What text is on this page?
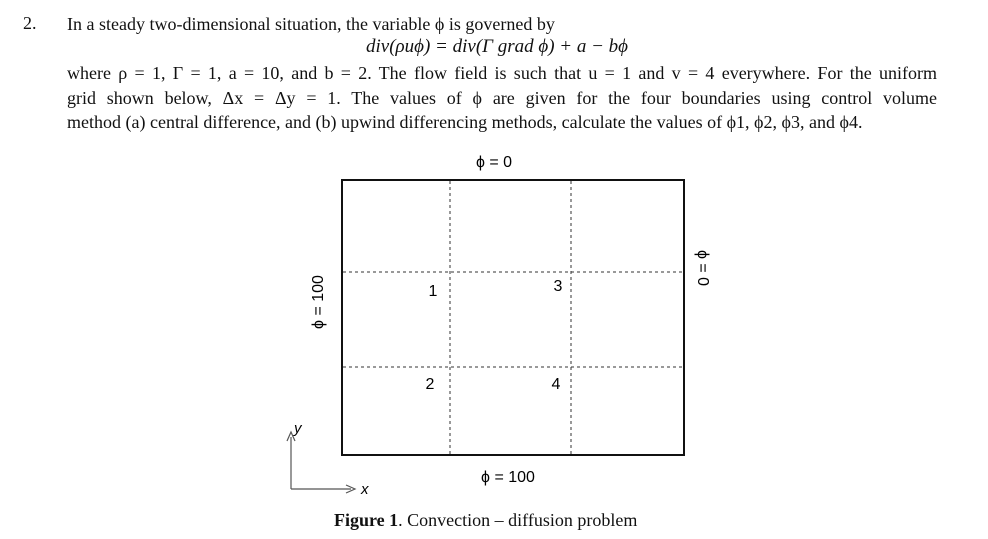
2. In a steady two-dimensional situation, the variable ϕ is governed by
div(ρuϕ) = div(Γ grad ϕ) + a − bϕ
where ρ = 1, Γ = 1, a = 10, and b = 2. The flow field is such that u = 1 and v = 4 everywhere. For the uniform
grid shown below, Δx = Δy = 1. The values of ϕ are given for the four boundaries using control volume
method (a) central difference, and (b) upwind differencing methods, calculate the values of ϕ1, ϕ2, ϕ3, and ϕ4.
ϕ = 0
ϕ = 100
ϕ = 100
ϕ = 0
1
2
3
4
x
y
Figure 1. Convection – diffusion problem
